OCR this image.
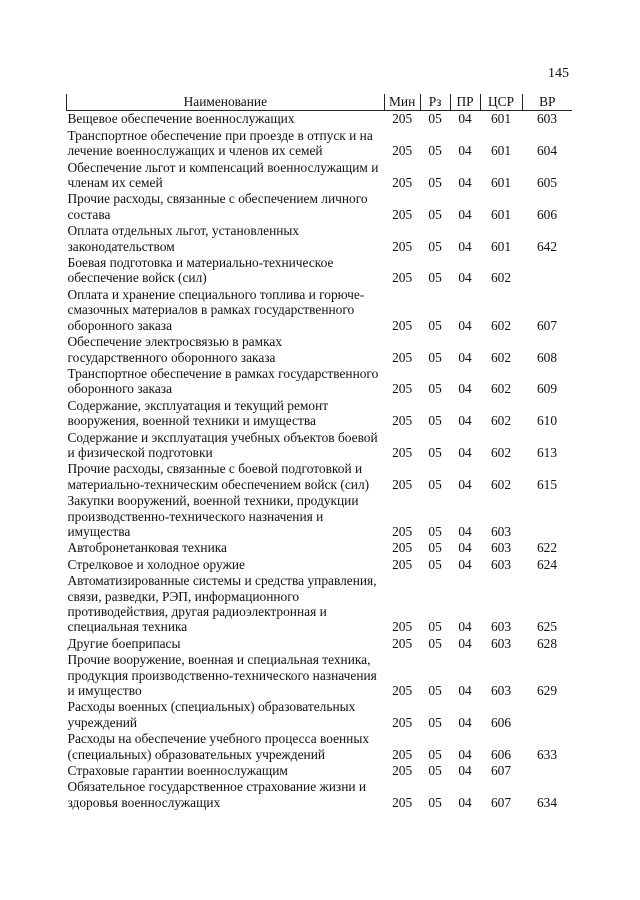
145
Наименование	Мин	Рз	ПР	ЦСР	ВР
Вещевое обеспечение военнослужащих	205	05	04	601	603
Транспортное обеспечение при проезде в отпуск и на лечение военнослужащих и членов их семей	205	05	04	601	604
Обеспечение льгот и компенсаций военнослужащим и членам их семей	205	05	04	601	605
Прочие расходы, связанные с обеспечением личного состава	205	05	04	601	606
Оплата отдельных льгот, установленных законодательством	205	05	04	601	642
Боевая подготовка и материально-техническое обеспечение войск (сил)	205	05	04	602	
Оплата и хранение специального топлива и горюче-смазочных материалов в рамках государственного оборонного заказа	205	05	04	602	607
Обеспечение электросвязью в рамках государственного оборонного заказа	205	05	04	602	608
Транспортное обеспечение в рамках государственного оборонного заказа	205	05	04	602	609
Содержание, эксплуатация и текущий ремонт вооружения, военной техники и имущества	205	05	04	602	610
Содержание и эксплуатация учебных объектов боевой и физической подготовки	205	05	04	602	613
Прочие расходы, связанные с боевой подготовкой и материально-техническим обеспечением войск (сил)	205	05	04	602	615
Закупки вооружений, военной техники, продукции производственно-технического назначения и имущества	205	05	04	603	
Автобронетанковая техника	205	05	04	603	622
Стрелковое и холодное оружие	205	05	04	603	624
Автоматизированные системы и средства управления, связи, разведки, РЭП, информационного противодействия, другая радиоэлектронная и специальная техника	205	05	04	603	625
Другие боеприпасы	205	05	04	603	628
Прочие вооружение, военная и специальная техника, продукция производственно-технического назначения и имущество	205	05	04	603	629
Расходы военных (специальных) образовательных учреждений	205	05	04	606	
Расходы на обеспечение учебного процесса военных (специальных) образовательных учреждений	205	05	04	606	633
Страховые гарантии военнослужащим	205	05	04	607	
Обязательное государственное страхование жизни и здоровья военнослужащих	205	05	04	607	634
